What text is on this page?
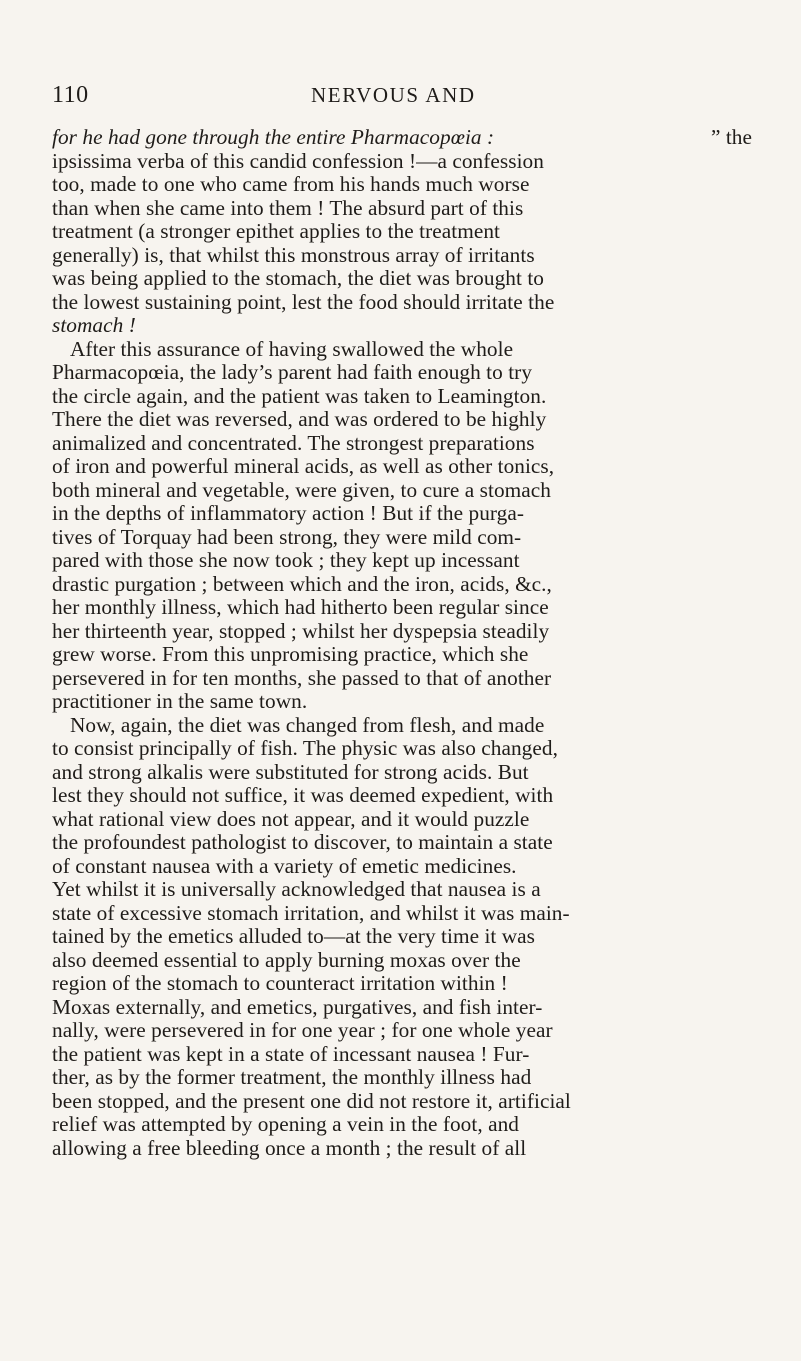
110	NERVOUS AND
for he had gone through the entire Pharmacopœia :	” the
ipsissima verba of this candid confession !—a confession
too, made to one who came from his hands much worse
than when she came into them ! The absurd part of this
treatment (a stronger epithet applies to the treatment
generally) is, that whilst this monstrous array of irritants
was being applied to the stomach, the diet was brought to
the lowest sustaining point, lest the food should irritate the
stomach !
After this assurance of having swallowed the whole
Pharmacopœia, the lady’s parent had faith enough to try
the circle again, and the patient was taken to Leamington.
There the diet was reversed, and was ordered to be highly
animalized and concentrated. The strongest preparations
of iron and powerful mineral acids, as well as other tonics,
both mineral and vegetable, were given, to cure a stomach
in the depths of inflammatory action ! But if the purga-
tives of Torquay had been strong, they were mild com-
pared with those she now took ; they kept up incessant
drastic purgation ; between which and the iron, acids, &c.,
her monthly illness, which had hitherto been regular since
her thirteenth year, stopped ; whilst her dyspepsia steadily
grew worse. From this unpromising practice, which she
persevered in for ten months, she passed to that of another
practitioner in the same town.
Now, again, the diet was changed from flesh, and made
to consist principally of fish. The physic was also changed,
and strong alkalis were substituted for strong acids. But
lest they should not suffice, it was deemed expedient, with
what rational view does not appear, and it would puzzle
the profoundest pathologist to discover, to maintain a state
of constant nausea with a variety of emetic medicines.
Yet whilst it is universally acknowledged that nausea is a
state of excessive stomach irritation, and whilst it was main-
tained by the emetics alluded to—at the very time it was
also deemed essential to apply burning moxas over the
region of the stomach to counteract irritation within !
Moxas externally, and emetics, purgatives, and fish inter-
nally, were persevered in for one year ; for one whole year
the patient was kept in a state of incessant nausea ! Fur-
ther, as by the former treatment, the monthly illness had
been stopped, and the present one did not restore it, artificial
relief was attempted by opening a vein in the foot, and
allowing a free bleeding once a month ; the result of all
